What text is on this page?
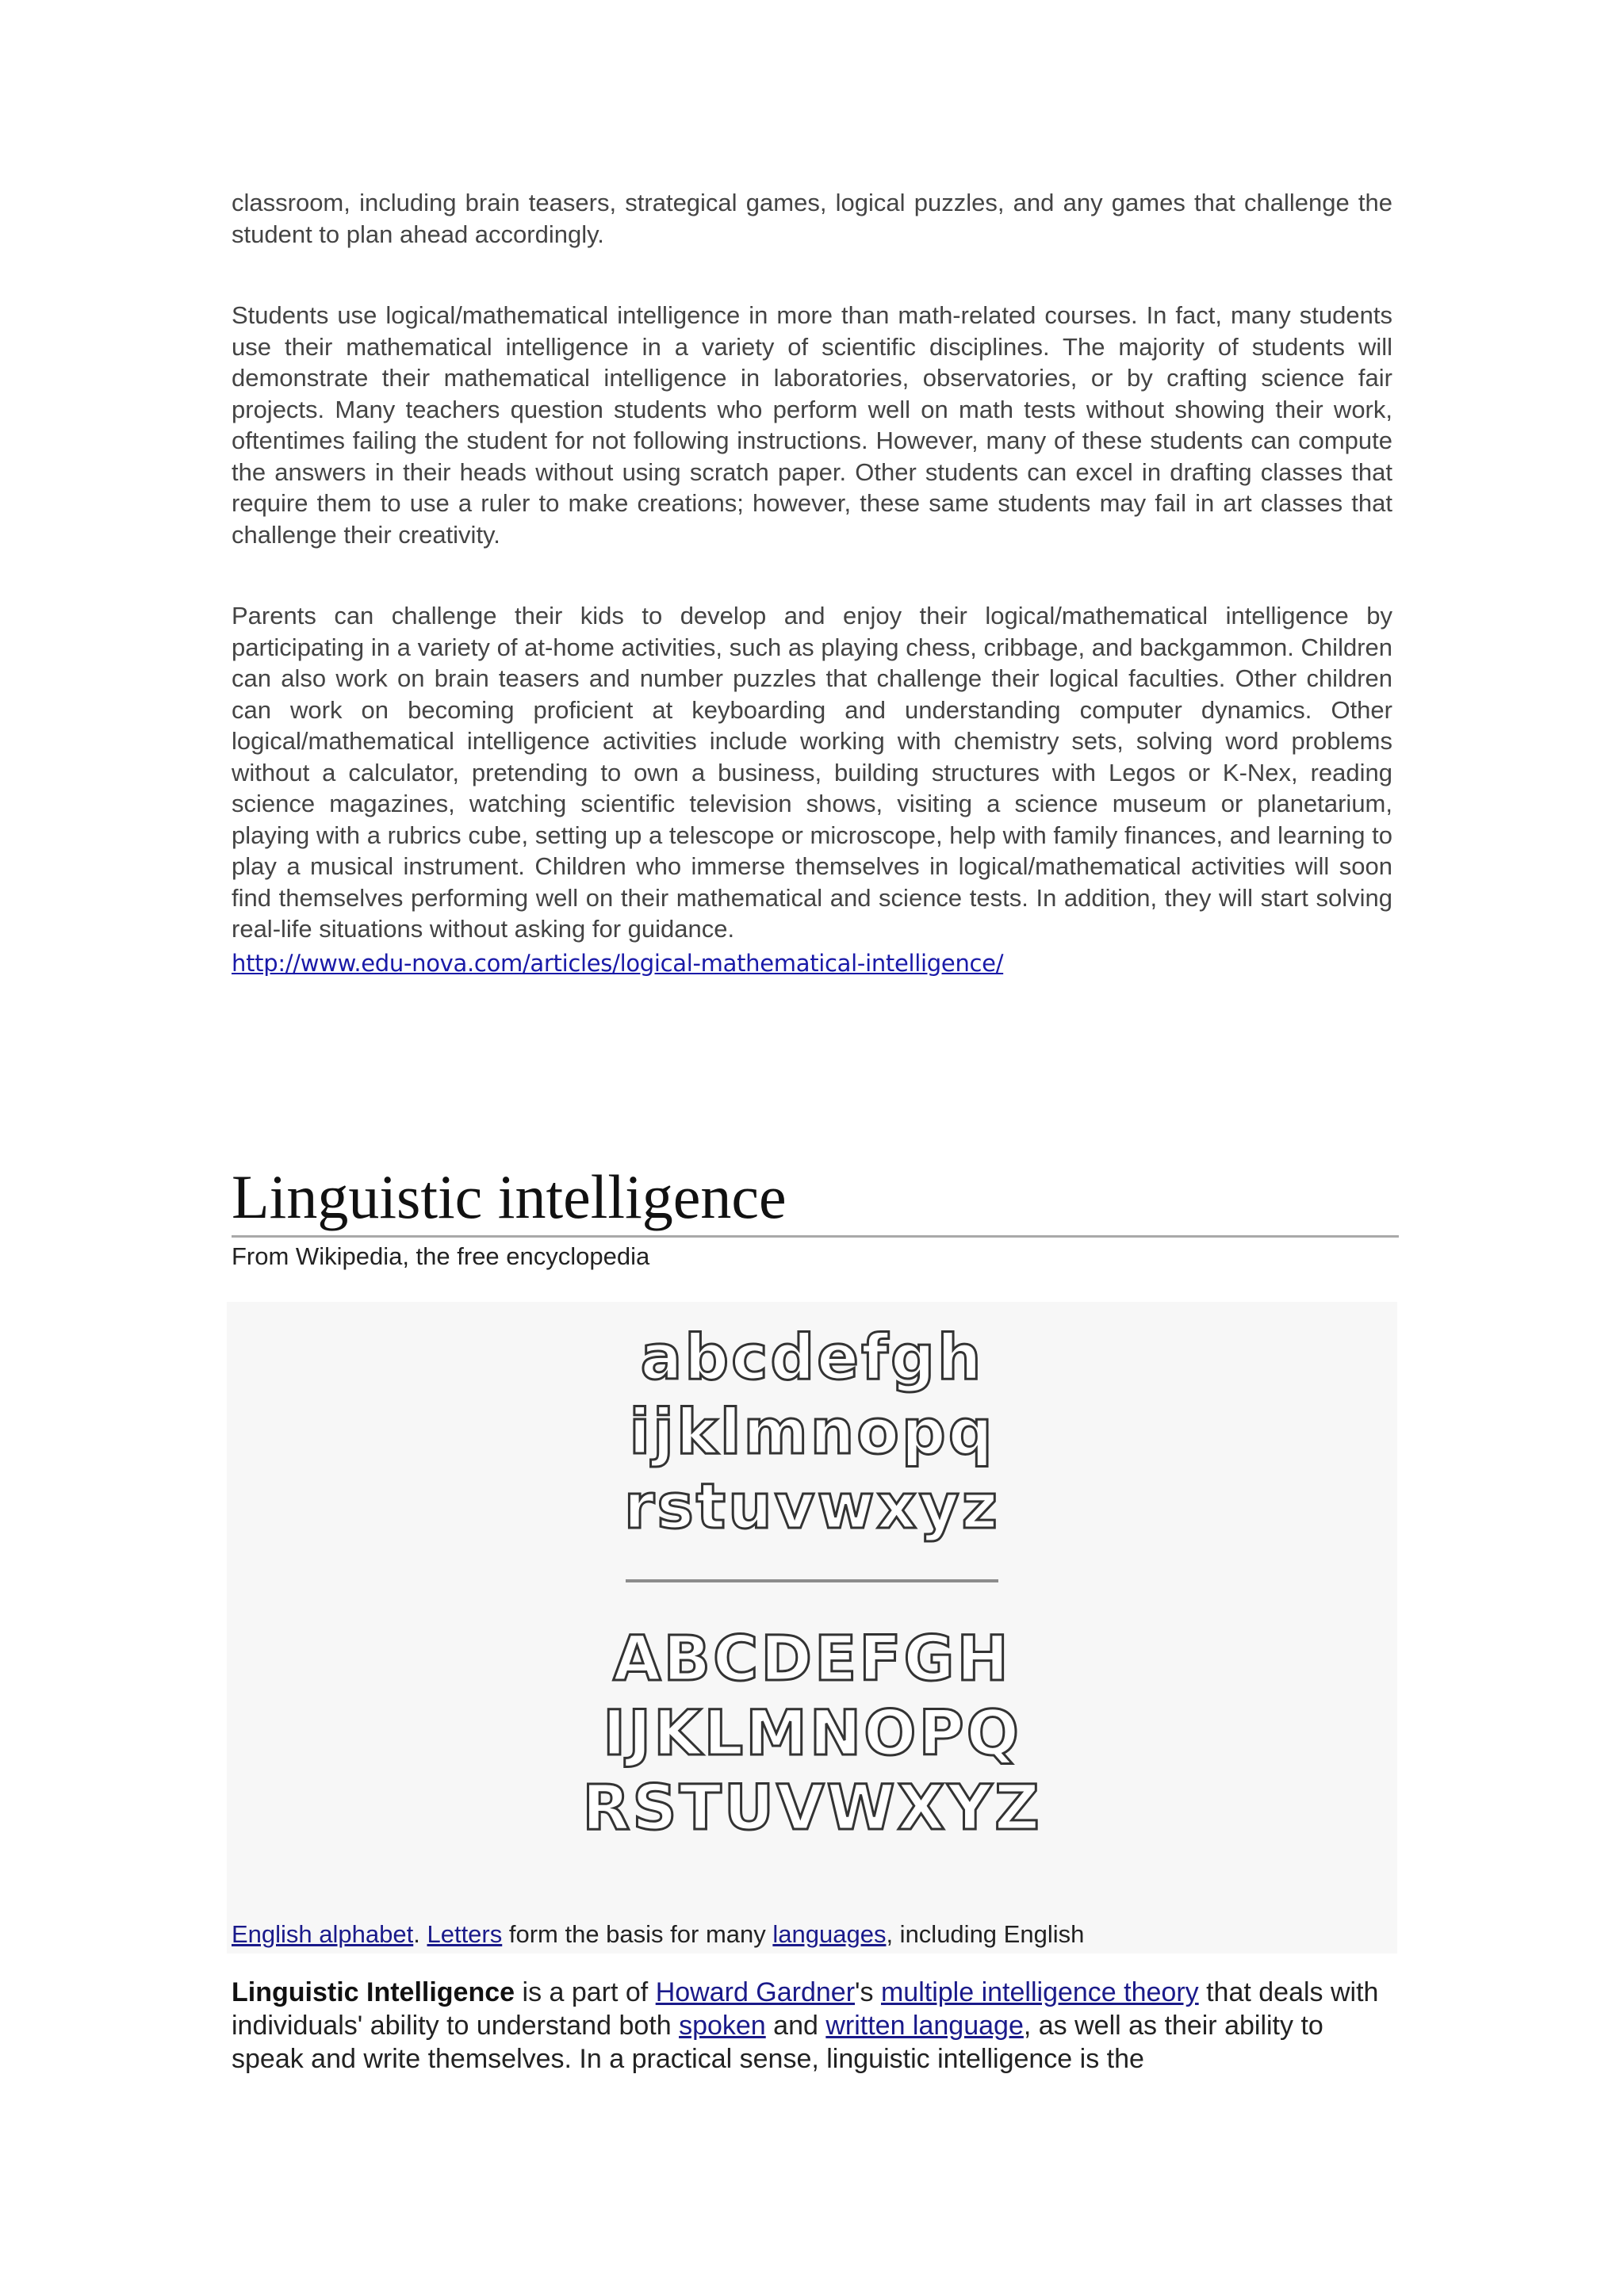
classroom, including brain teasers, strategical games, logical puzzles, and any games that challenge the student to plan ahead accordingly.

Students use logical/mathematical intelligence in more than math-related courses. In fact, many students use their mathematical intelligence in a variety of scientific disciplines. The majority of students will demonstrate their mathematical intelligence in laboratories, observatories, or by crafting science fair projects. Many teachers question students who perform well on math tests without showing their work, oftentimes failing the student for not following instructions. However, many of these students can compute the answers in their heads without using scratch paper. Other students can excel in drafting classes that require them to use a ruler to make creations; however, these same students may fail in art classes that challenge their creativity.

Parents can challenge their kids to develop and enjoy their logical/mathematical intelligence by participating in a variety of at-home activities, such as playing chess, cribbage, and backgammon. Children can also work on brain teasers and number puzzles that challenge their logical faculties. Other children can work on becoming proficient at keyboarding and understanding computer dynamics. Other logical/mathematical intelligence activities include working with chemistry sets, solving word problems without a calculator, pretending to own a business, building structures with Legos or K-Nex, reading science magazines, watching scientific television shows, visiting a science museum or planetarium, playing with a rubrics cube, setting up a telescope or microscope, help with family finances, and learning to play a musical instrument. Children who immerse themselves in logical/mathematical activities will soon find themselves performing well on their mathematical and science tests. In addition, they will start solving real-life situations without asking for guidance.

http://www.edu-nova.com/articles/logical-mathematical-intelligence/
Linguistic intelligence
From Wikipedia, the free encyclopedia
abcdefgh
ijklmnopq
rstuvwxyz
ABCDEFGH
IJKLMNOPQ
RSTUVWXYZ
English alphabet. Letters form the basis for many languages, including English

Linguistic Intelligence is a part of Howard Gardner's multiple intelligence theory that deals with individuals' ability to understand both spoken and written language, as well as their ability to speak and write themselves. In a practical sense, linguistic intelligence is the
